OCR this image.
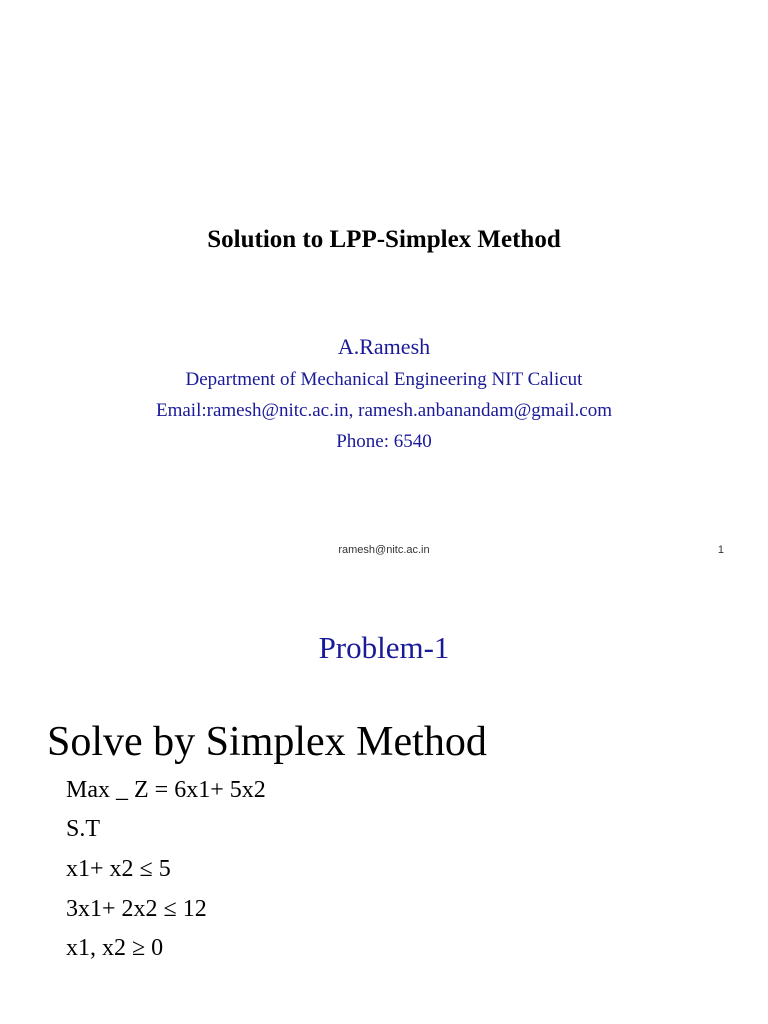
Solution to LPP-Simplex Method
A.Ramesh
Department of Mechanical Engineering NIT Calicut
Email:ramesh@nitc.ac.in, ramesh.anbanandam@gmail.com
Phone: 6540
ramesh@nitc.ac.in	1
Problem-1
Solve by Simplex Method
Max _ Z = 6x1+ 5x2
S.T
x1+ x2 ≤ 5
3x1+ 2x2 ≤ 12
x1, x2 ≥ 0
